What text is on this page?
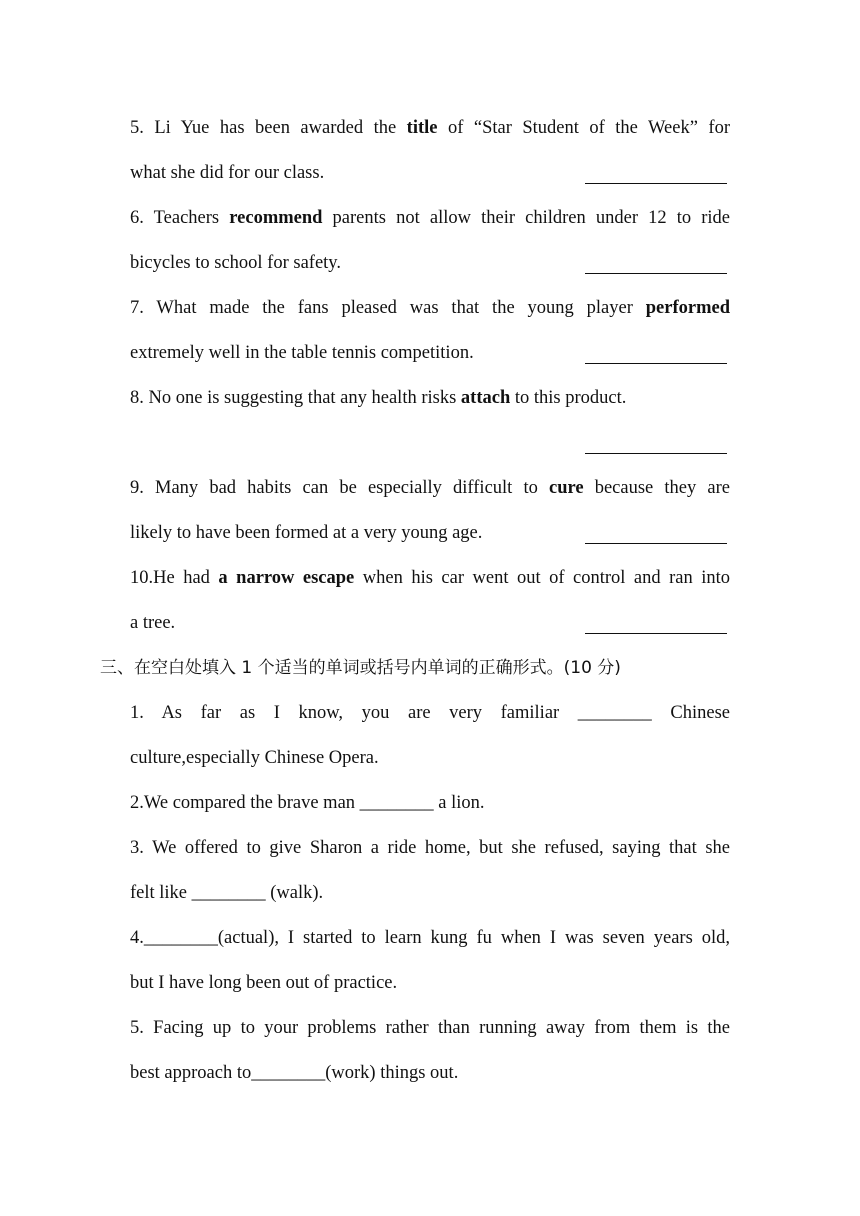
5. Li Yue has been awarded the title of “Star Student of the Week” for
what she did for our class.
6. Teachers recommend parents not allow their children under 12 to ride
bicycles to school for safety.
7. What made the fans pleased was that the young player performed
extremely well in the table tennis competition.
8. No one is suggesting that any health risks attach to this product.
9. Many bad habits can be especially difficult to cure because they are
likely to have been formed at a very young age.
10.He had a narrow escape when his car went out of control and ran into
a tree.
三、在空白处填入 1 个适当的单词或括号内单词的正确形式。(10 分)
1. As far as I know, you are very familiar ________ Chinese
culture,especially Chinese Opera.
2.We compared the brave man ________ a lion.
3. We offered to give Sharon a ride home, but she refused, saying that she
felt like ________ (walk).
4.________(actual), I started to learn kung fu when I was seven years old,
but I have long been out of practice.
5. Facing up to your problems rather than running away from them is the
best approach to________(work) things out.
